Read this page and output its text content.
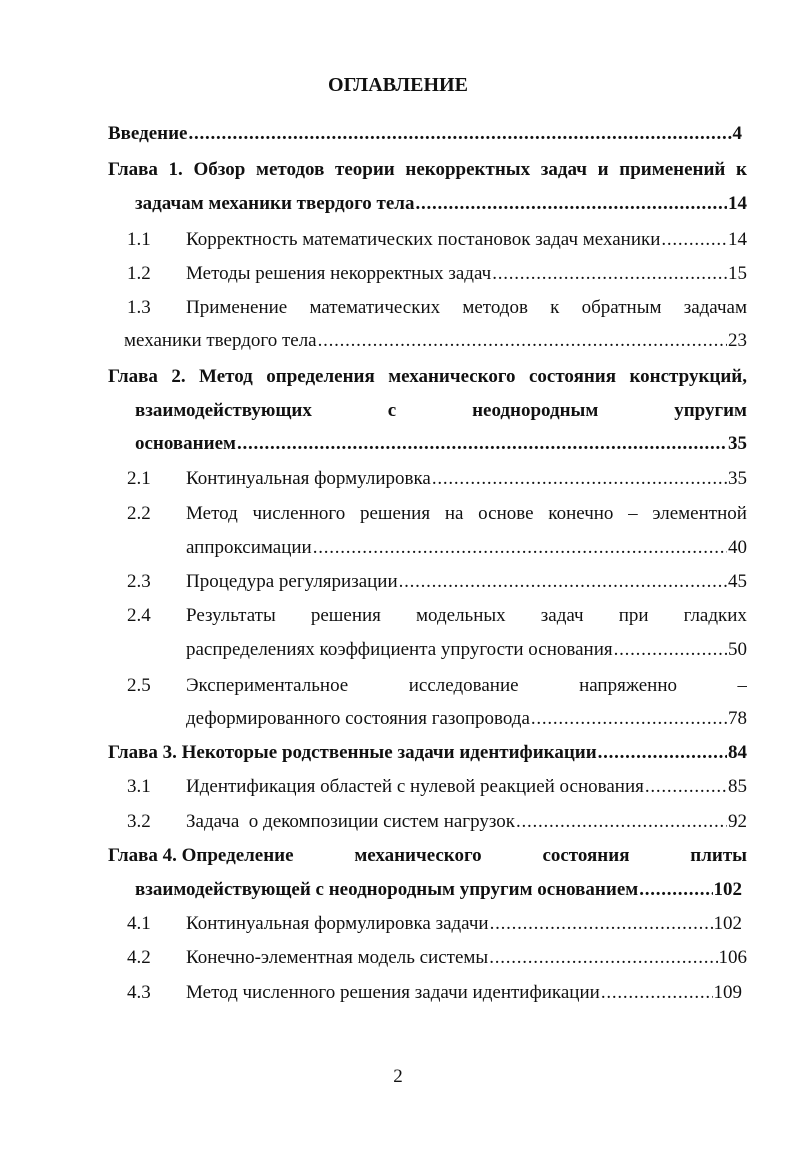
ОГЛАВЛЕНИЕ
Введение . . .	4
Глава 1. Обзор методов теории некорректных задач и применений к
задачам механики твердого тела . . .	14
1.1 Корректность математических постановок задач механики . . .	14
1.2 Методы решения некорректных задач . . .	15
1.3 Применение математических методов к обратным задачам
механики твердого тела . . .	23
Глава 2. Метод определения механического состояния конструкций,
взаимодействующих	с	неоднородным	упругим
основанием . . .	35
2.1 Континуальная формулировка . . .	35
2.2 Метод численного решения на основе конечно – элементной
аппроксимации . . .	40
2.3 Процедура регуляризации . . .	45
2.4 Результаты решения модельных задач при гладких
распределениях коэффициента упругости основания . . .	50
2.5 Экспериментальное	исследование	напряженно	–
деформированного состояния газопровода . . .	78
Глава 3. Некоторые родственные задачи идентификации . . .	84
3.1 Идентификация областей с нулевой реакцией основания . . .	85
3.2 Задача  о декомпозиции систем нагрузок . . .	92
Глава 4. Определение	механического	состояния	плиты
взаимодействующей с неоднородным упругим основанием . . .	102
4.1 Континуальная формулировка задачи . . .	102
4.2 Конечно-элементная модель системы . . .	106
4.3 Метод численного решения задачи идентификации . . .	109
2
